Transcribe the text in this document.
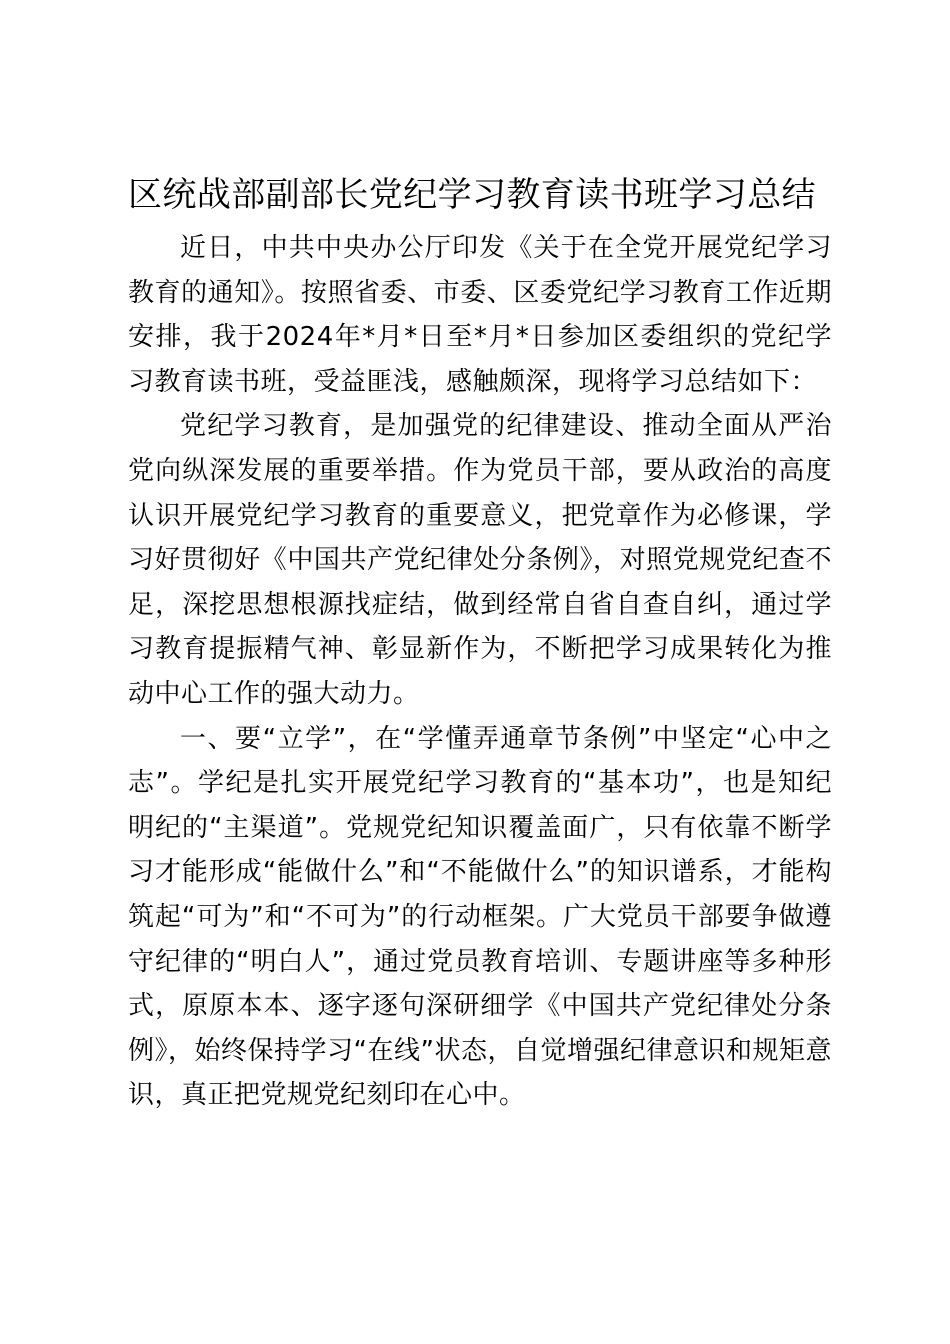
区统战部副部长党纪学习教育读书班学习总结

近日，中共中央办公厅印发《关于在全党开展党纪学习教育的通知》。按照省委、市委、区委党纪学习教育工作近期安排，我于2024年*月*日至*月*日参加区委组织的党纪学习教育读书班，受益匪浅，感触颇深，现将学习总结如下：

党纪学习教育，是加强党的纪律建设、推动全面从严治党向纵深发展的重要举措。作为党员干部，要从政治的高度认识开展党纪学习教育的重要意义，把党章作为必修课，学习好贯彻好《中国共产党纪律处分条例》，对照党规党纪查不足，深挖思想根源找症结，做到经常自省自查自纠，通过学习教育提振精气神、彰显新作为，不断把学习成果转化为推动中心工作的强大动力。

一、要“立学”，在“学懂弄通章节条例”中坚定“心中之志”。学纪是扎实开展党纪学习教育的“基本功”，也是知纪明纪的“主渠道”。党规党纪知识覆盖面广，只有依靠不断学习才能形成“能做什么”和“不能做什么”的知识谱系，才能构筑起“可为”和“不可为”的行动框架。广大党员干部要争做遵守纪律的“明白人”，通过党员教育培训、专题讲座等多种形式，原原本本、逐字逐句深研细学《中国共产党纪律处分条例》，始终保持学习“在线”状态，自觉增强纪律意识和规矩意识，真正把党规党纪刻印在心中。
